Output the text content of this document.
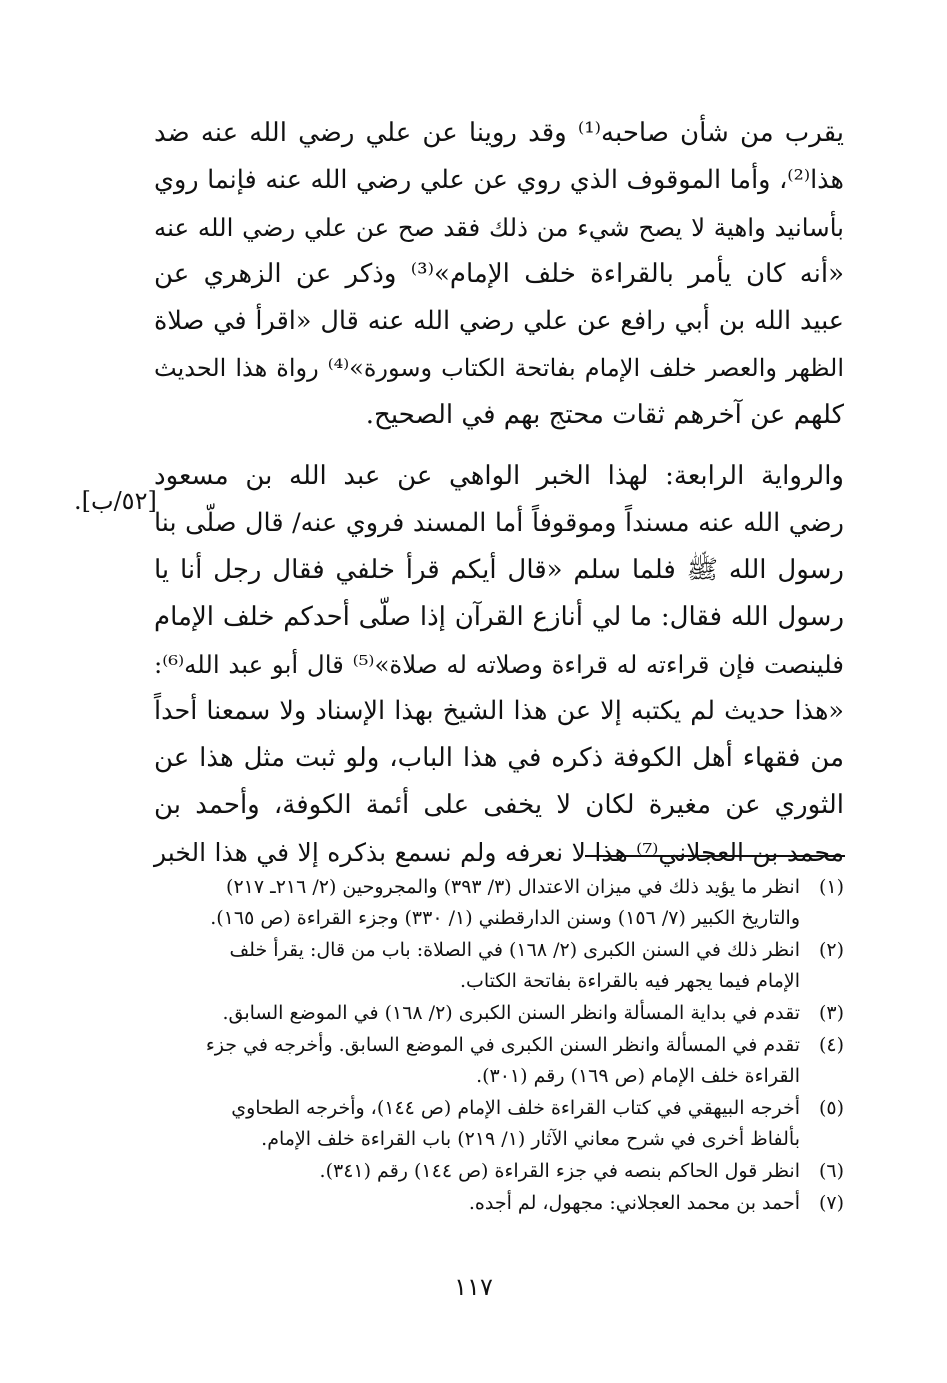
يقرب من شأن صاحبه⁽¹⁾ وقد روينا عن علي رضي الله عنه ضد
هذا⁽²⁾، وأما الموقوف الذي روي عن علي رضي الله عنه فإنما روي
بأسانيد واهية لا يصح شيء من ذلك فقد صح عن علي رضي الله عنه
«أنه كان يأمر بالقراءة خلف الإمام»⁽³⁾ وذكر عن الزهري عن
عبيد الله بن أبي رافع عن علي رضي الله عنه قال «اقرأ في صلاة
الظهر والعصر خلف الإمام بفاتحة الكتاب وسورة»⁽⁴⁾ رواة هذا الحديث
كلهم عن آخرهم ثقات محتج بهم في الصحيح.
والرواية الرابعة: لهذا الخبر الواهي عن عبد الله بن مسعود
رضي الله عنه مسنداً وموقوفاً أما المسند فروي عنه/ قال صلّى بنا
رسول الله ﷺ فلما سلم «قال أيكم قرأ خلفي فقال رجل أنا يا
رسول الله فقال: ما لي أنازع القرآن إذا صلّى أحدكم خلف الإمام
فلينصت فإن قراءته له قراءة وصلاته له صلاة»⁽⁵⁾ قال أبو عبد الله⁽⁶⁾:
«هذا حديث لم يكتبه إلا عن هذا الشيخ بهذا الإسناد ولا سمعنا أحداً
من فقهاء أهل الكوفة ذكره في هذا الباب، ولو ثبت مثل هذا عن
الثوري عن مغيرة لكان لا يخفى على أئمة الكوفة، وأحمد بن
محمد بن العجلاني⁽⁷⁾ هذا لا نعرفه ولم نسمع بذكره إلا في هذا الخبر
[٥٢/ب].
(١)
انظر ما يؤيد ذلك في ميزان الاعتدال (٣/ ٣٩٣) والمجروحين (٢/ ٢١٦ـ ٢١٧)
والتاريخ الكبير (٧/ ١٥٦) وسنن الدارقطني (١/ ٣٣٠) وجزء القراءة (ص ١٦٥).
(٢)
انظر ذلك في السنن الكبرى (٢/ ١٦٨) في الصلاة: باب من قال: يقرأ خلف
الإمام فيما يجهر فيه بالقراءة بفاتحة الكتاب.
(٣)
تقدم في بداية المسألة وانظر السنن الكبرى (٢/ ١٦٨) في الموضع السابق.
(٤)
تقدم في المسألة وانظر السنن الكبرى في الموضع السابق. وأخرجه في جزء
القراءة خلف الإمام (ص ١٦٩) رقم (٣٠١).
(٥)
أخرجه البيهقي في كتاب القراءة خلف الإمام (ص ١٤٤)، وأخرجه الطحاوي
بألفاظ أخرى في شرح معاني الآثار (١/ ٢١٩) باب القراءة خلف الإمام.
(٦)
انظر قول الحاكم بنصه في جزء القراءة (ص ١٤٤) رقم (٣٤١).
(٧)
أحمد بن محمد العجلاني: مجهول، لم أجده.
١١٧
